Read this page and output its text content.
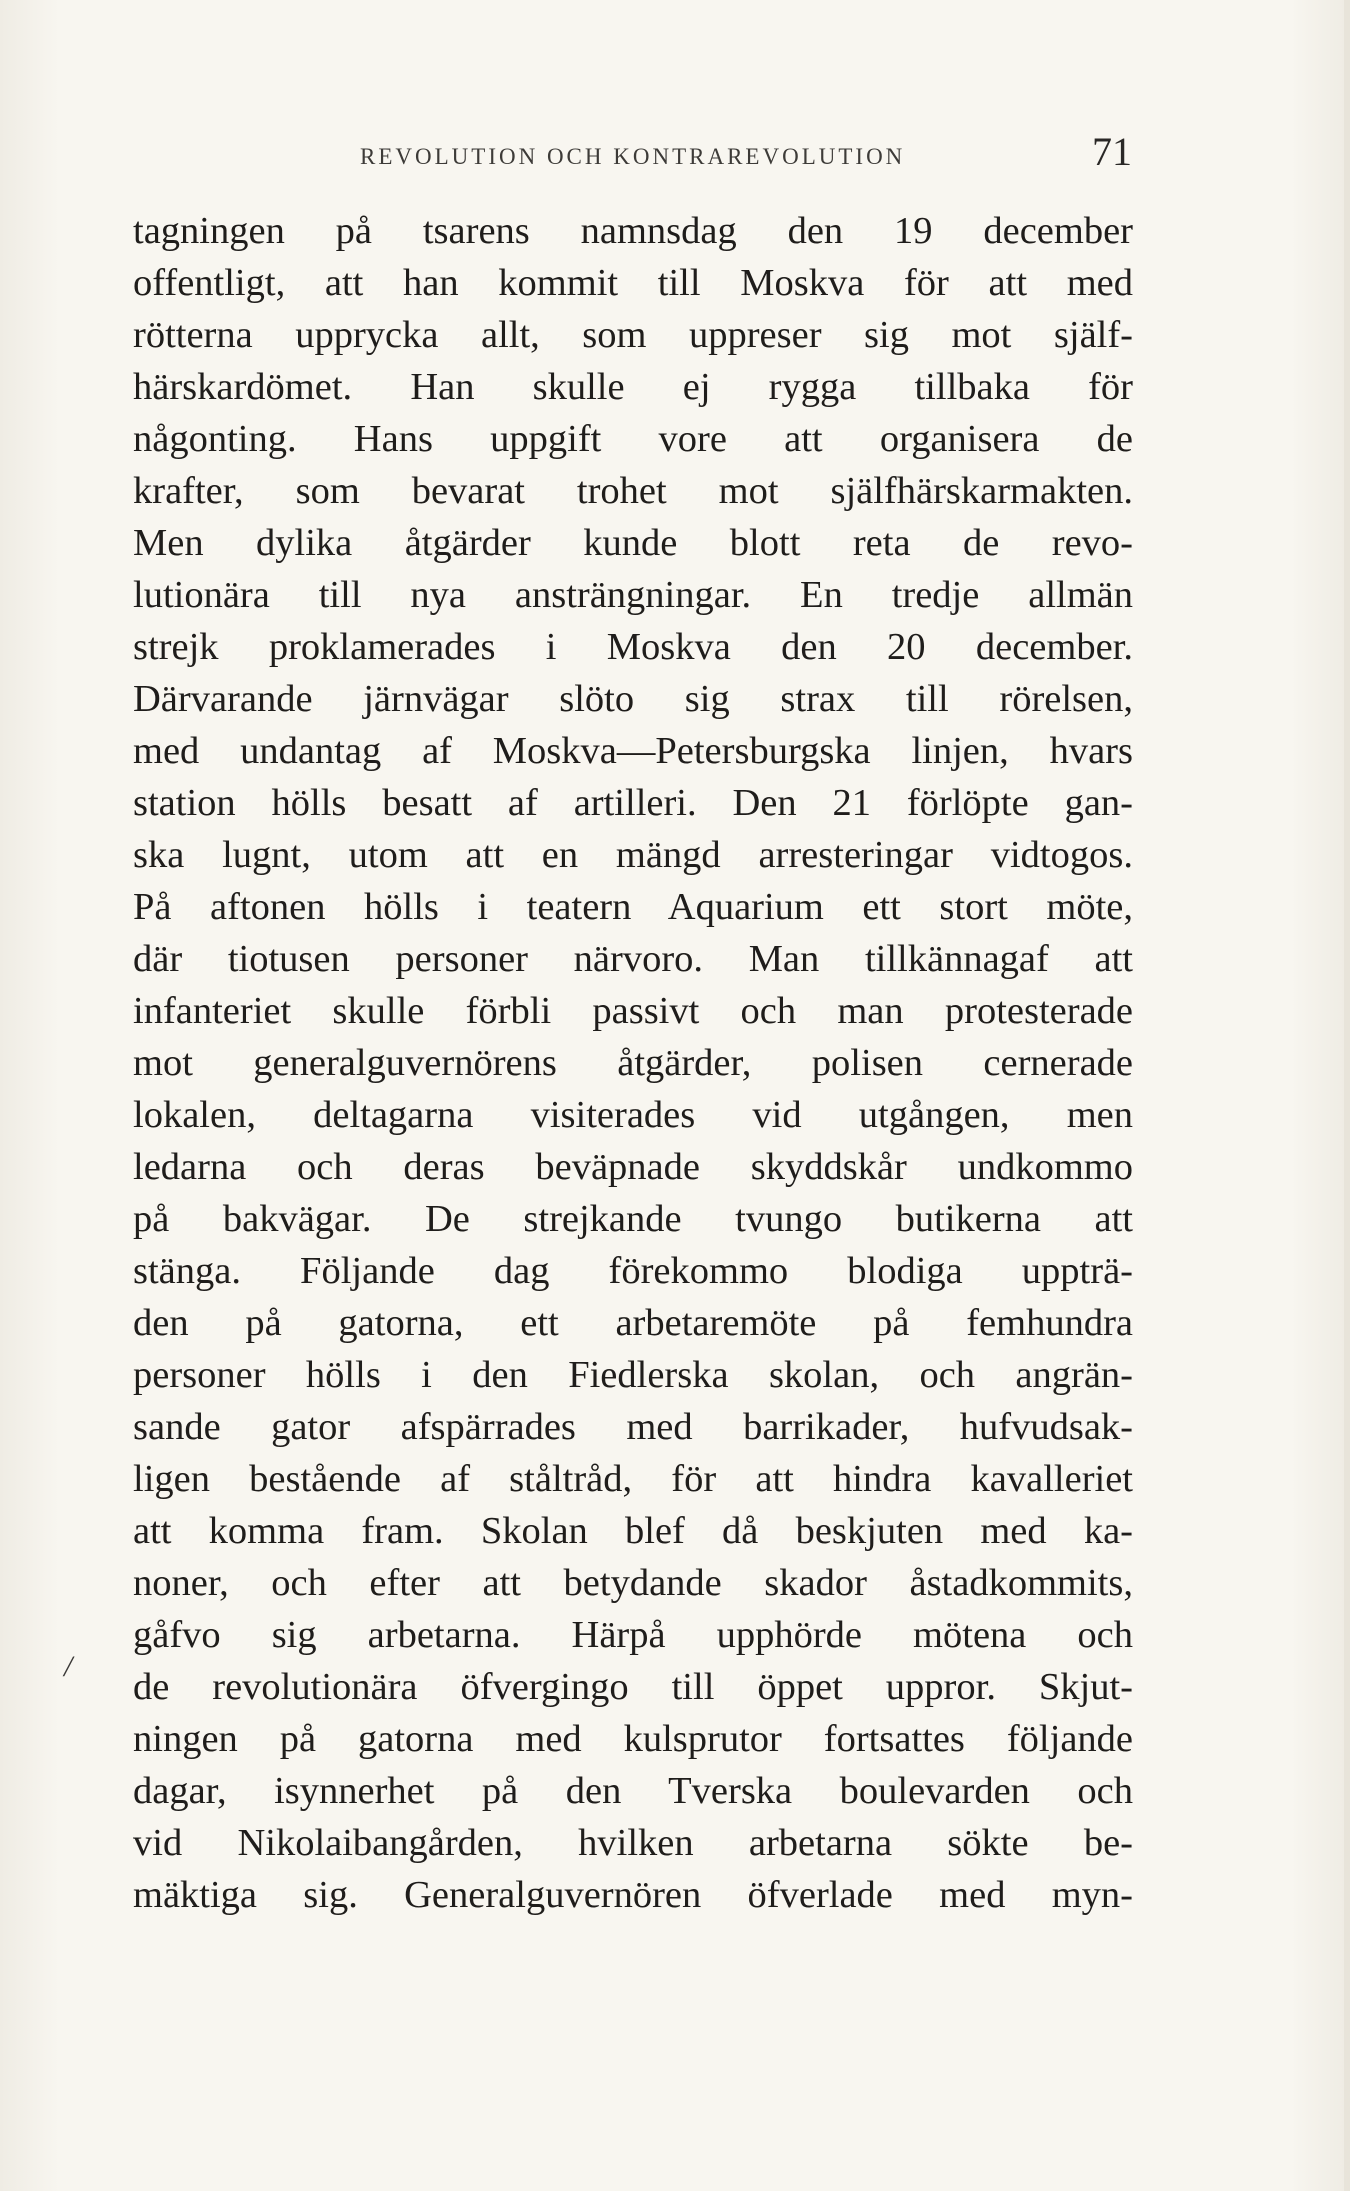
REVOLUTION OCH KONTRAREVOLUTION	71
/
tagningen på tsarens namnsdag den 19 december
offentligt, att han kommit till Moskva för att med
rötterna upprycka allt, som uppreser sig mot själf-
härskardömet. Han skulle ej rygga tillbaka för
någonting. Hans uppgift vore att organisera de
krafter, som bevarat trohet mot själfhärskarmakten.
Men dylika åtgärder kunde blott reta de revo-
lutionära till nya ansträngningar. En tredje allmän
strejk proklamerades i Moskva den 20 december.
Därvarande järnvägar slöto sig strax till rörelsen,
med undantag af Moskva—Petersburgska linjen, hvars
station hölls besatt af artilleri. Den 21 förlöpte gan-
ska lugnt, utom att en mängd arresteringar vidtogos.
På aftonen hölls i teatern Aquarium ett stort möte,
där tiotusen personer närvoro. Man tillkännagaf att
infanteriet skulle förbli passivt och man protesterade
mot generalguvernörens åtgärder, polisen cernerade
lokalen, deltagarna visiterades vid utgången, men
ledarna och deras beväpnade skyddskår undkommo
på bakvägar. De strejkande tvungo butikerna att
stänga. Följande dag förekommo blodiga uppträ-
den på gatorna, ett arbetaremöte på femhundra
personer hölls i den Fiedlerska skolan, och angrän-
sande gator afspärrades med barrikader, hufvudsak-
ligen bestående af ståltråd, för att hindra kavalleriet
att komma fram. Skolan blef då beskjuten med ka-
noner, och efter att betydande skador åstadkommits,
gåfvo sig arbetarna. Härpå upphörde mötena och
de revolutionära öfvergingo till öppet uppror. Skjut-
ningen på gatorna med kulsprutor fortsattes följande
dagar, isynnerhet på den Tverska boulevarden och
vid Nikolaibangården, hvilken arbetarna sökte be-
mäktiga sig. Generalguvernören öfverlade med myn-
